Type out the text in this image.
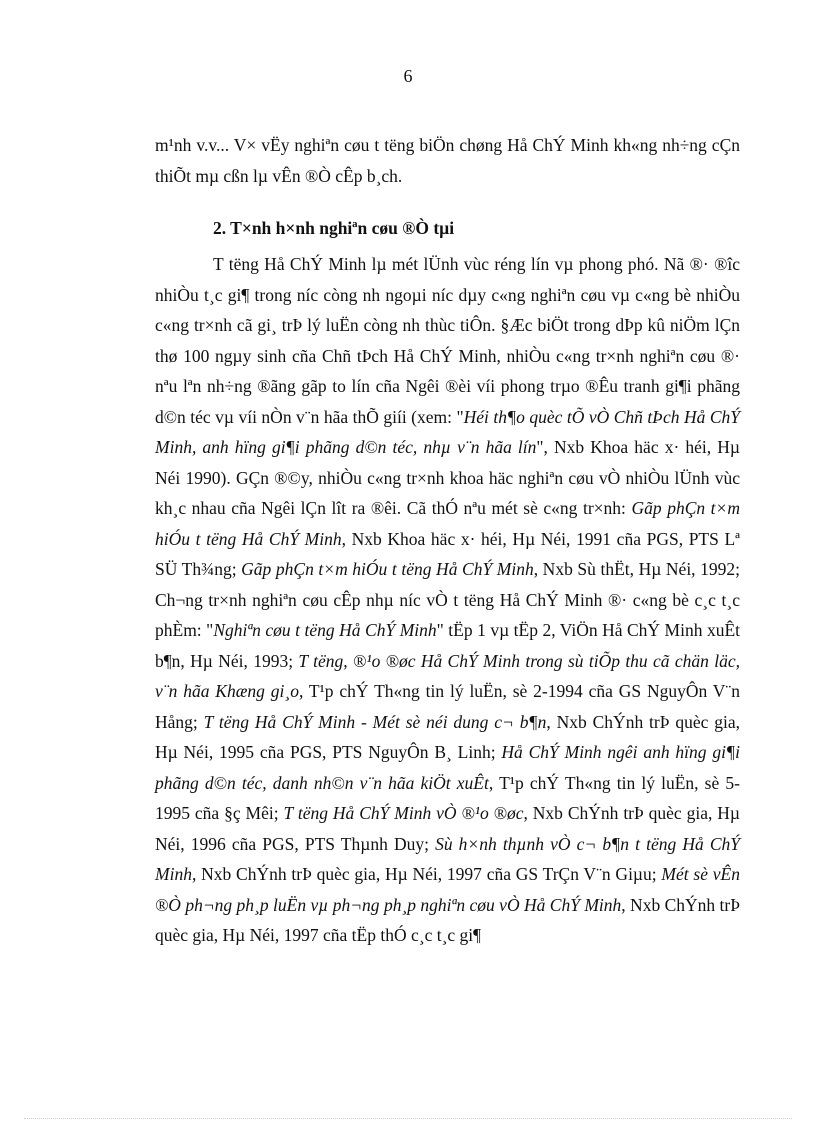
6

m¹nh v.v... V× vËy nghiªn cøu t tëng biÖn chøng Hå ChÝ Minh kh«ng nh÷ng cÇn thiÕt mµ cßn lµ vÊn ®Ò cÊp b¸ch.

2. T×nh h×nh nghiªn cøu ®Ò tµi

T tëng Hå ChÝ Minh lµ mét lÜnh vùc réng lín vµ phong phó. Nã ®· ®îc nhiÒu t¸c gi¶ trong níc còng nh ngoµi níc dµy c«ng nghiªn cøu vµ c«ng bè nhiÒu c«ng tr×nh cã gi¸ trÞ lý luËn còng nh thùc tiÔn. §Æc biÖt trong dÞp kû niÖm lÇn thø 100 ngµy sinh cña Chñ tÞch Hå ChÝ Minh, nhiÒu c«ng tr×nh nghiªn cøu ®· nªu lªn nh÷ng ®ãng gãp to lín cña Ngêi ®èi víi phong trµo ®Êu tranh gi¶i phãng d©n téc vµ víi nÒn v¨n hãa thÕ giíi (xem: "Héi th¶o quèc tÕ vÒ Chñ tÞch Hå ChÝ Minh, anh hïng gi¶i phãng d©n téc, nhµ v¨n hãa lín", Nxb Khoa häc x· héi, Hµ Néi 1990). GÇn ®©y, nhiÒu c«ng tr×nh khoa häc nghiªn cøu vÒ nhiÒu lÜnh vùc kh¸c nhau cña Ngêi lÇn lît ra ®êi. Cã thÓ nªu mét sè c«ng tr×nh: Gãp phÇn t×m hiÓu t tëng Hå ChÝ Minh, Nxb Khoa häc x· héi, Hµ Néi, 1991 cña PGS, PTS Lª SÜ Th¾ng; Gãp phÇn t×m hiÓu t tëng Hå ChÝ Minh, Nxb Sù thËt, Hµ Néi, 1992; Ch¬ng tr×nh nghiªn cøu cÊp nhµ níc vÒ t tëng Hå ChÝ Minh ®· c«ng bè c¸c t¸c phÈm: "Nghiªn cøu t tëng Hå ChÝ Minh" tËp 1 vµ tËp 2, ViÖn Hå ChÝ Minh xuÊt b¶n, Hµ Néi, 1993; T tëng, ®¹o ®øc Hå ChÝ Minh trong sù tiÕp thu cã chän läc, v¨n hãa Khæng gi¸o, T¹p chÝ Th«ng tin lý luËn, sè 2-1994 cña GS NguyÔn V¨n Hång; T tëng Hå ChÝ Minh - Mét sè néi dung c¬ b¶n, Nxb ChÝnh trÞ quèc gia, Hµ Néi, 1995 cña PGS, PTS NguyÔn B¸ Linh; Hå ChÝ Minh ngêi anh hïng gi¶i phãng d©n téc, danh nh©n v¨n hãa kiÖt xuÊt, T¹p chÝ Th«ng tin lý luËn, sè 5-1995 cña §ç Mêi; T tëng Hå ChÝ Minh vÒ ®¹o ®øc, Nxb ChÝnh trÞ quèc gia, Hµ Néi, 1996 cña PGS, PTS Thµnh Duy; Sù h×nh thµnh vÒ c¬ b¶n t tëng Hå ChÝ Minh, Nxb ChÝnh trÞ quèc gia, Hµ Néi, 1997 cña GS TrÇn V¨n Giµu; Mét sè vÊn ®Ò ph¬ng ph¸p luËn vµ ph¬ng ph¸p nghiªn cøu vÒ Hå ChÝ Minh, Nxb ChÝnh trÞ quèc gia, Hµ Néi, 1997 cña tËp thÓ c¸c t¸c gi¶
